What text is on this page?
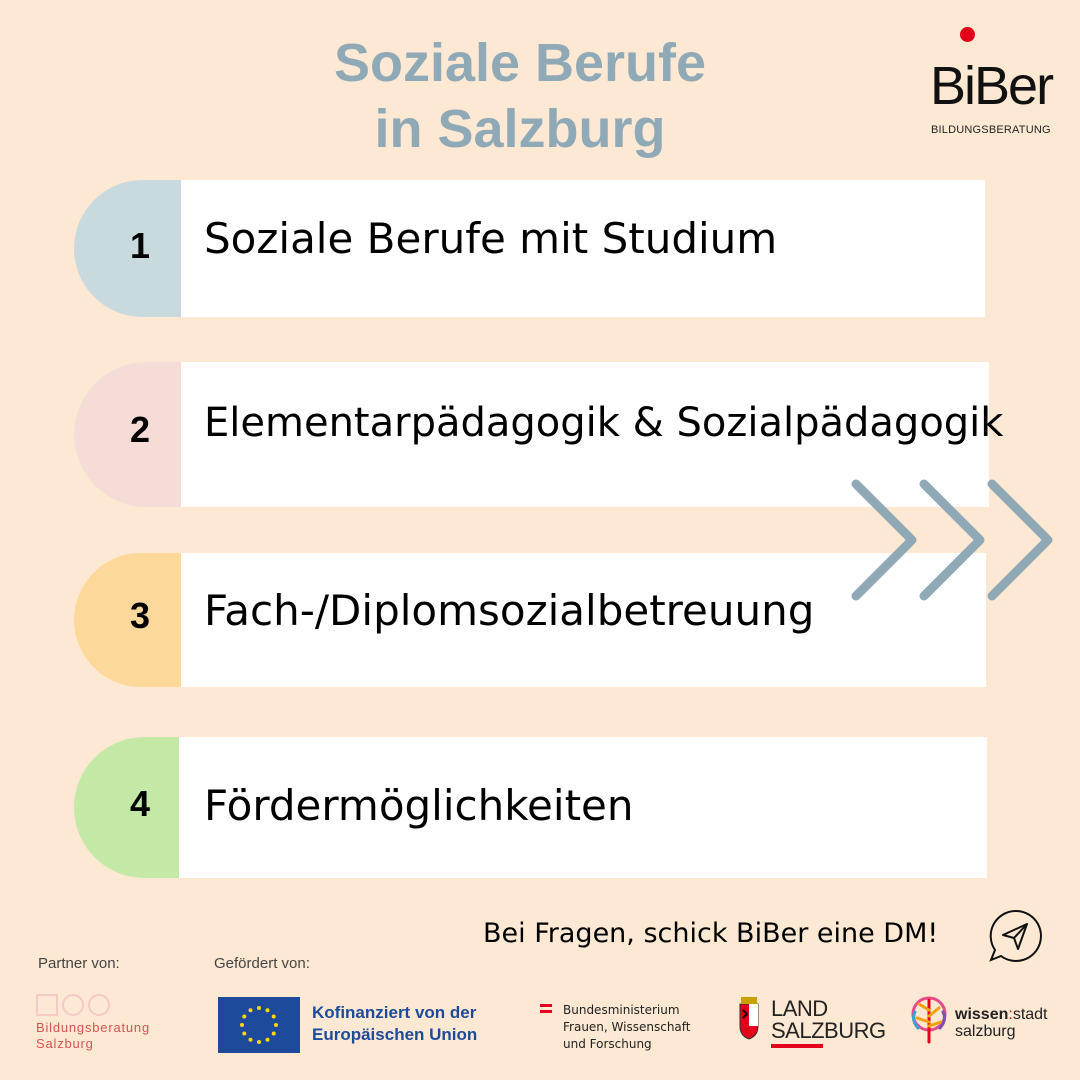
Soziale Berufe
in Salzburg
BiBer
BILDUNGSBERATUNG
1 Soziale Berufe mit Studium
2 Elementarpädagogik & Sozialpädagogik
3 Fach-/Diplomsozialbetreuung
4 Fördermöglichkeiten
Bei Fragen, schick BiBer eine DM!
Partner von:	Gefördert von:
Bildungsberatung
Salzburg
Kofinanziert von der
Europäischen Union
Bundesministerium
Frauen, Wissenschaft
und Forschung
LAND
SALZBURG
wissen:stadt
salzburg
